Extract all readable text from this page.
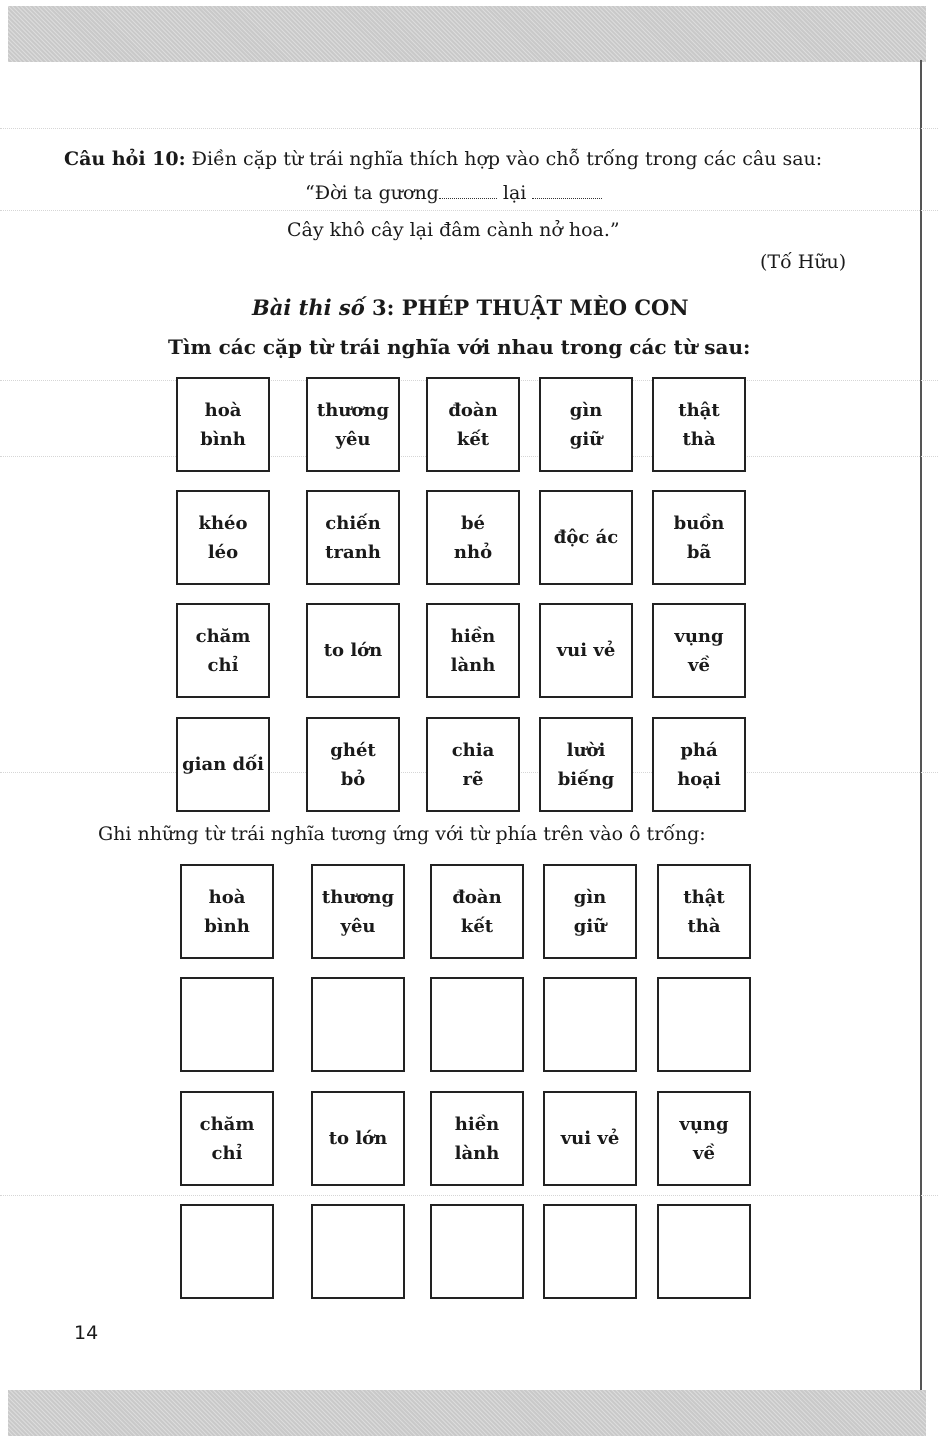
Câu hỏi 10: Điền cặp từ trái nghĩa thích hợp vào chỗ trống trong các câu sau:
“Đời ta gương	lại
Cây khô cây lại đâm cành nở hoa.”
(Tố Hữu)
Bài thi số 3: PHÉP THUẬT MÈO CON
Tìm các cặp từ trái nghĩa với nhau trong các từ sau:
Ghi những từ trái nghĩa tương ứng với từ phía trên vào ô trống:
hoà
bình
thương
yêu
đoàn
kết
gìn
giữ
thật
thà
khéo
léo
chiến
tranh
bé
nhỏ
độc ác
buồn
bã
chăm
chỉ
to lớn
hiền
lành
vui vẻ
vụng
về
gian dối
ghét
bỏ
chia
rẽ
lười
biếng
phá
hoại
hoà
bình
thương
yêu
đoàn
kết
gìn
giữ
thật
thà
chăm
chỉ
to lớn
hiền
lành
vui vẻ
vụng
về
14
